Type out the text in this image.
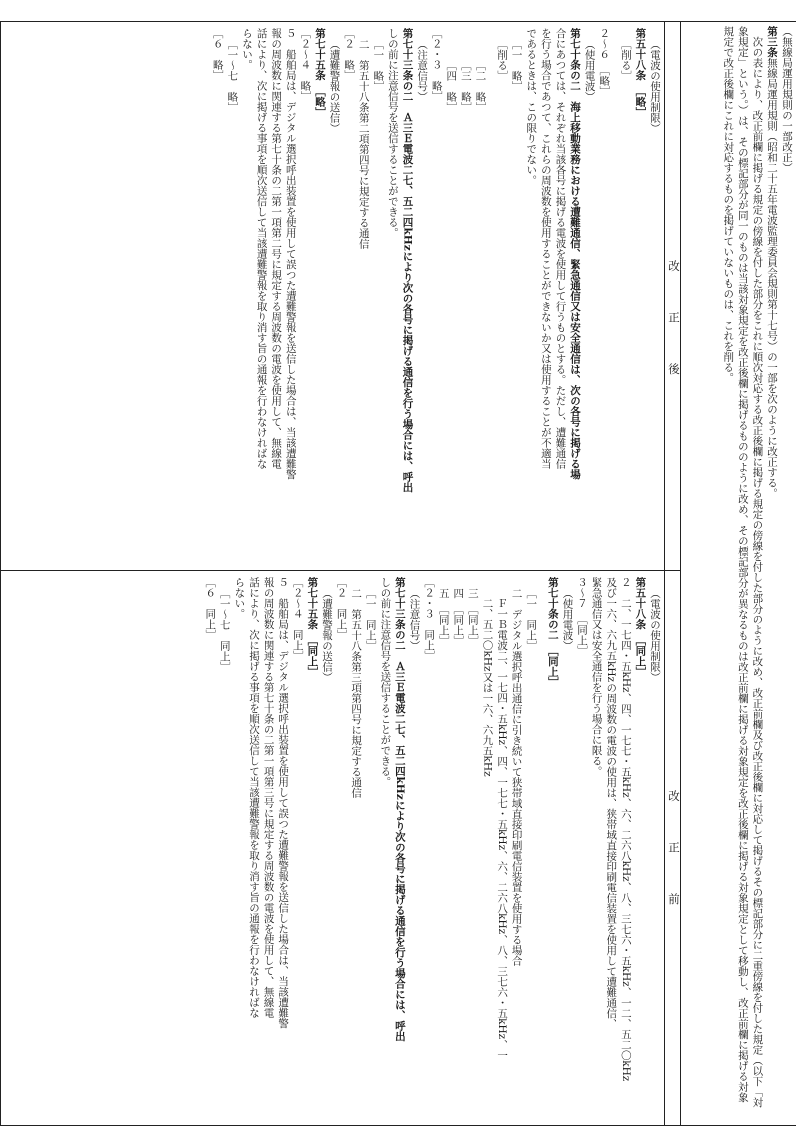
（無線局運用規則の一部改正）
第三条無線局運用規則（昭和二十五年電波監理委員会規則第十七号）の一部を次のように改正する。
　次の表により、改正前欄に掲げる規定の傍線を付した部分をこれに順次対応する改正後欄に掲げる規定の傍線を付した部分のように改め、改正前欄及び改正後欄に対応して掲げるその標記部分に二重傍線を付した規定（以下「対象規定」という。）は、その標記部分が同一のものは当該対象規定を改正後欄に掲げるもののように改め、その標記部分が異なるものは改正前欄に掲げる対象規定を改正後欄に掲げる対象規定として移動し、改正前欄に掲げる対象規定で改正後欄にこれに対応するものを掲げていないものは、これを削る。
改正後
改正前
（電波の使用制限）
第五十八条　［略］
［削る］
２～６　［略］
（使用電波）
第七十条の二　海上移動業務における遭難通信、緊急通信又は安全通信は、次の各号に掲げる場
合にあつては、それぞれ当該各号に掲げる電波を使用して行うものとする。ただし、遭難通信
を行う場合であつて、これらの周波数を使用することができないか又は使用することが不適当
であるときは、この限りでない。
［一　略］
［削る］
［二　略］
［三　略］
［四　略］
［２・３　略］
（注意信号）
第七十三条の二　Ａ三Ｅ電波二七、五二四kHzにより次の各号に掲げる通信を行う場合には、呼出
しの前に注意信号を送信することができる。
［一　略］
二　第五十八条第二項第四号に規定する通信
［２　略］
（遭難警報の送信）
第七十五条　［略］
［２～４　略］
５　船舶局は、デジタル選択呼出装置を使用して誤つた遭難警報を送信した場合は、当該遭難警
報の周波数に関連する第七十条の二第一項第二号に規定する周波数の電波を使用して、無線電
話により、次に掲げる事項を順次送信して当該遭難警報を取り消す旨の通報を行わなければな
らない。
［一～七　略］
［６　略］
（電波の使用制限）
第五十八条　［同上］
２　二、一七四・五kHz、四、一七七・五kHz、六、二六八kHz、八、三七六・五kHz、一二、五二〇kHz
及び一六、六九五kHzの周波数の電波の使用は、狭帯域直接印刷電信装置を使用して遭難通信、
緊急通信又は安全通信を行う場合に限る。
３～７　［同上］
（使用電波）
第七十条の二　［同上］
［一　同上］
二　デジタル選択呼出通信に引き続いて狭帯域直接印刷電信装置を使用する場合
Ｆ一Ｂ電波二、一七四・五kHz、四、一七七・五kHz、六、二六八kHz、八、三七六・五kHz、一
二、五二〇kHz又は一六、六九五kHz
三　［同上］
四　［同上］
五　［同上］
［２・３　同上］
（注意信号）
第七十三条の二　Ａ三Ｅ電波二七、五二四kHzにより次の各号に掲げる通信を行う場合には、呼出
しの前に注意信号を送信することができる。
［一　同上］
二　第五十八条第三項第四号に規定する通信
［２　同上］
（遭難警報の送信）
第七十五条　［同上］
［２～４　同上］
５　船舶局は、デジタル選択呼出装置を使用して誤つた遭難警報を送信した場合は、当該遭難警
報の周波数に関連する第七十条の二第一項第三号に規定する周波数の電波を使用して、無線電
話により、次に掲げる事項を順次送信して当該遭難警報を取り消す旨の通報を行わなければな
らない。
［一～七　同上］
［６　同上］
